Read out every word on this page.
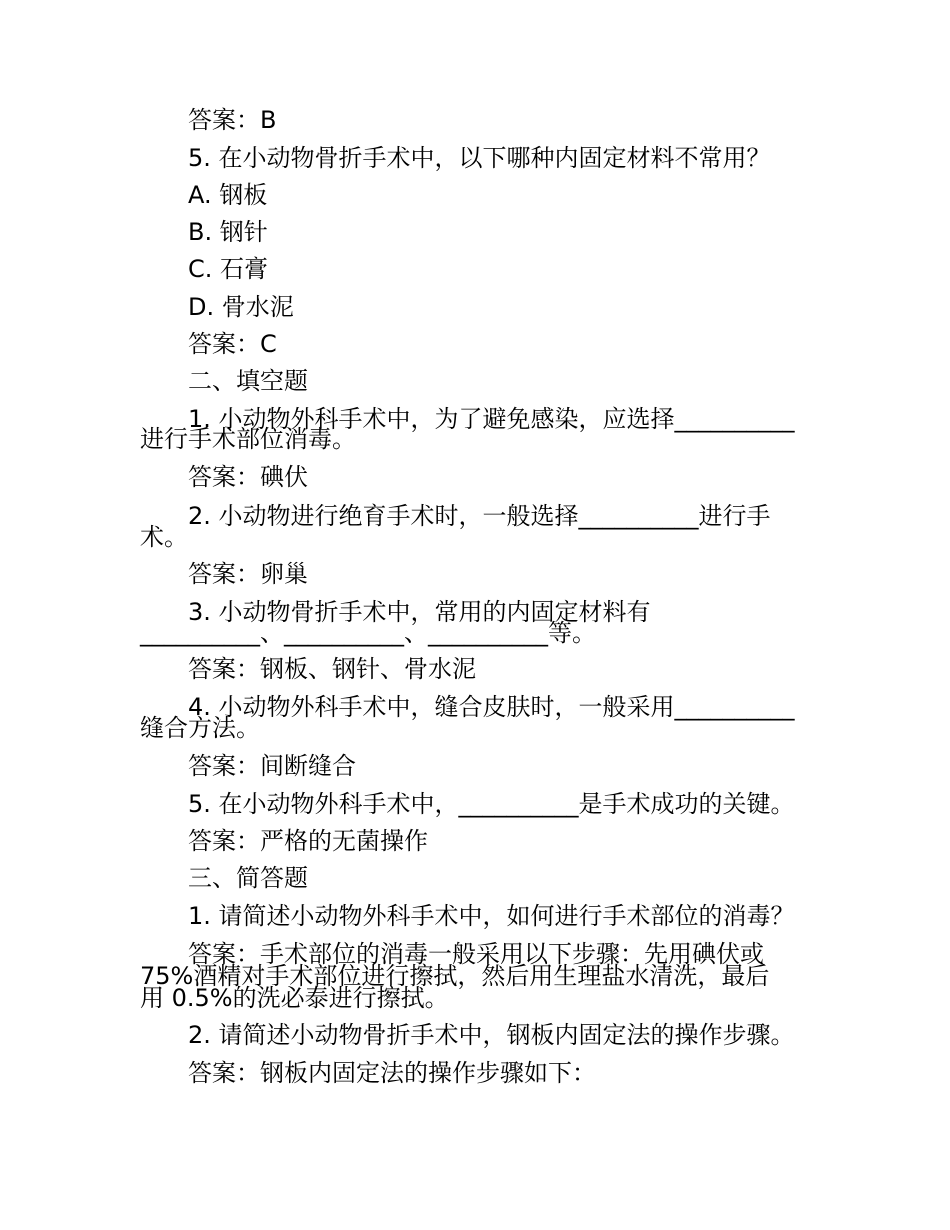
答案：B

5. 在小动物骨折手术中，以下哪种内固定材料不常用？

A. 钢板

B. 钢针

C. 石膏

D. 骨水泥

答案：C

二、填空题

1. 小动物外科手术中，为了避免感染，应选择__________

进行手术部位消毒。

答案：碘伏

2. 小动物进行绝育手术时，一般选择__________进行手

术。

答案：卵巢

3. 小动物骨折手术中，常用的内固定材料有

__________、__________、__________等。

答案：钢板、钢针、骨水泥

4. 小动物外科手术中，缝合皮肤时，一般采用__________

缝合方法。

答案：间断缝合

5. 在小动物外科手术中，__________是手术成功的关键。

答案：严格的无菌操作

三、简答题

1. 请简述小动物外科手术中，如何进行手术部位的消毒？

答案：手术部位的消毒一般采用以下步骤：先用碘伏或

75%酒精对手术部位进行擦拭，然后用生理盐水清洗，最后

用 0.5%的洗必泰进行擦拭。

2. 请简述小动物骨折手术中，钢板内固定法的操作步骤。

答案：钢板内固定法的操作步骤如下：
